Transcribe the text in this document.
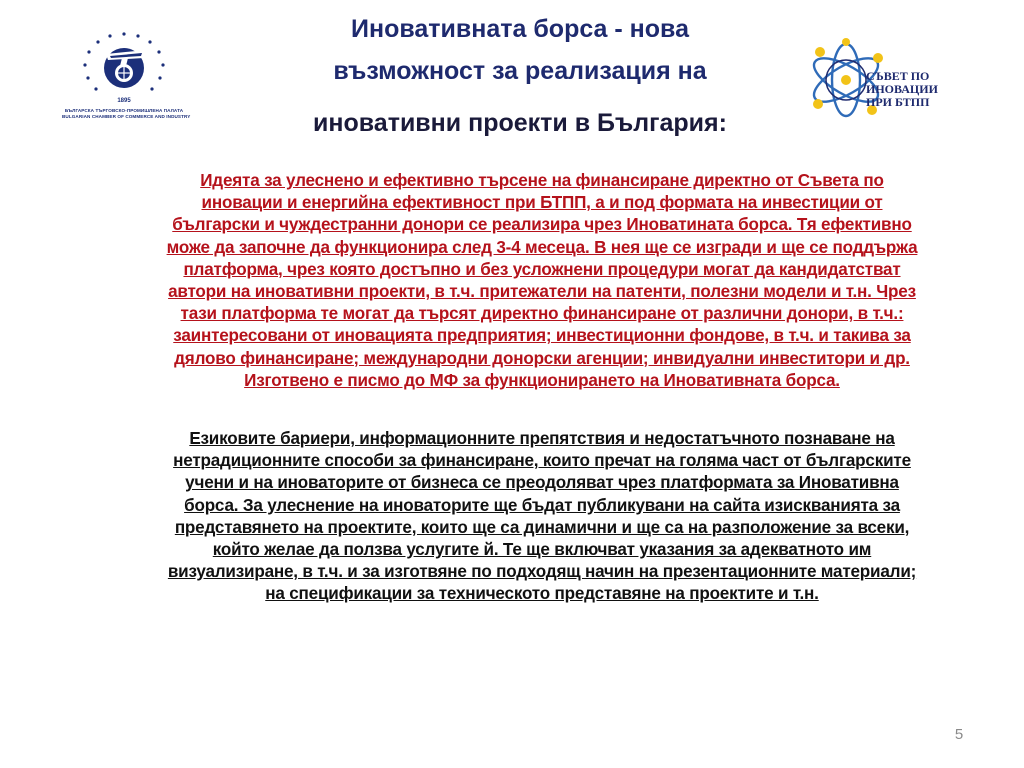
1895
БЪЛГАРСКА ТЪРГОВСКО-ПРОМИШЛЕНА ПАЛАТА
BULGARIAN CHAMBER OF COMMERCE AND INDUSTRY
Иновативната борса - нова
възможност за реализация на
иновативни проекти в България:
СЪВЕТ ПО
ИНОВАЦИИ
ПРИ БТПП
Идеята за улеснено и ефективно търсене на финансиране директно от Съвета по иновации и енергийна ефективност при БТПП, а и под формата на инвестиции от български и чуждестранни донори се реализира чрез Иноватината борса. Тя ефективно може да започне да функционира след 3-4 месеца. В нея ще се изгради и ще се поддържа платформа, чрез която достъпно и без усложнени процедури могат да кандидатстват автори на иновативни проекти, в т.ч. притежатели на патенти, полезни модели и т.н. Чрез тази платформа те могат да търсят директно финансиране от различни донори, в т.ч.: заинтересовани от иновацията предприятия; инвестиционни фондове, в т.ч. и такива за дялово финансиране; международни донорски агенции; инвидуални инвеститори и др. Изготвено е писмо до МФ за функционирането на Иновативната борса.
Езиковите бариери, информационните препятствия и недостатъчното познаване на нетрадиционните способи за финансиране, които пречат на голяма част от българските учени и на иноваторите от бизнеса се преодоляват чрез платформата за Иновативна борса. За улеснение на иноваторите ще бъдат публикувани на сайта изискванията за представянето на проектите, които ще са динамични и ще са на разположение за всеки, който желае да ползва услугите й. Те ще включват указания за адекватното им визуализиране, в т.ч. и за изготвяне по подходящ начин на презентационните материали; на спецификации за техническото представяне на проектите и т.н.
5
